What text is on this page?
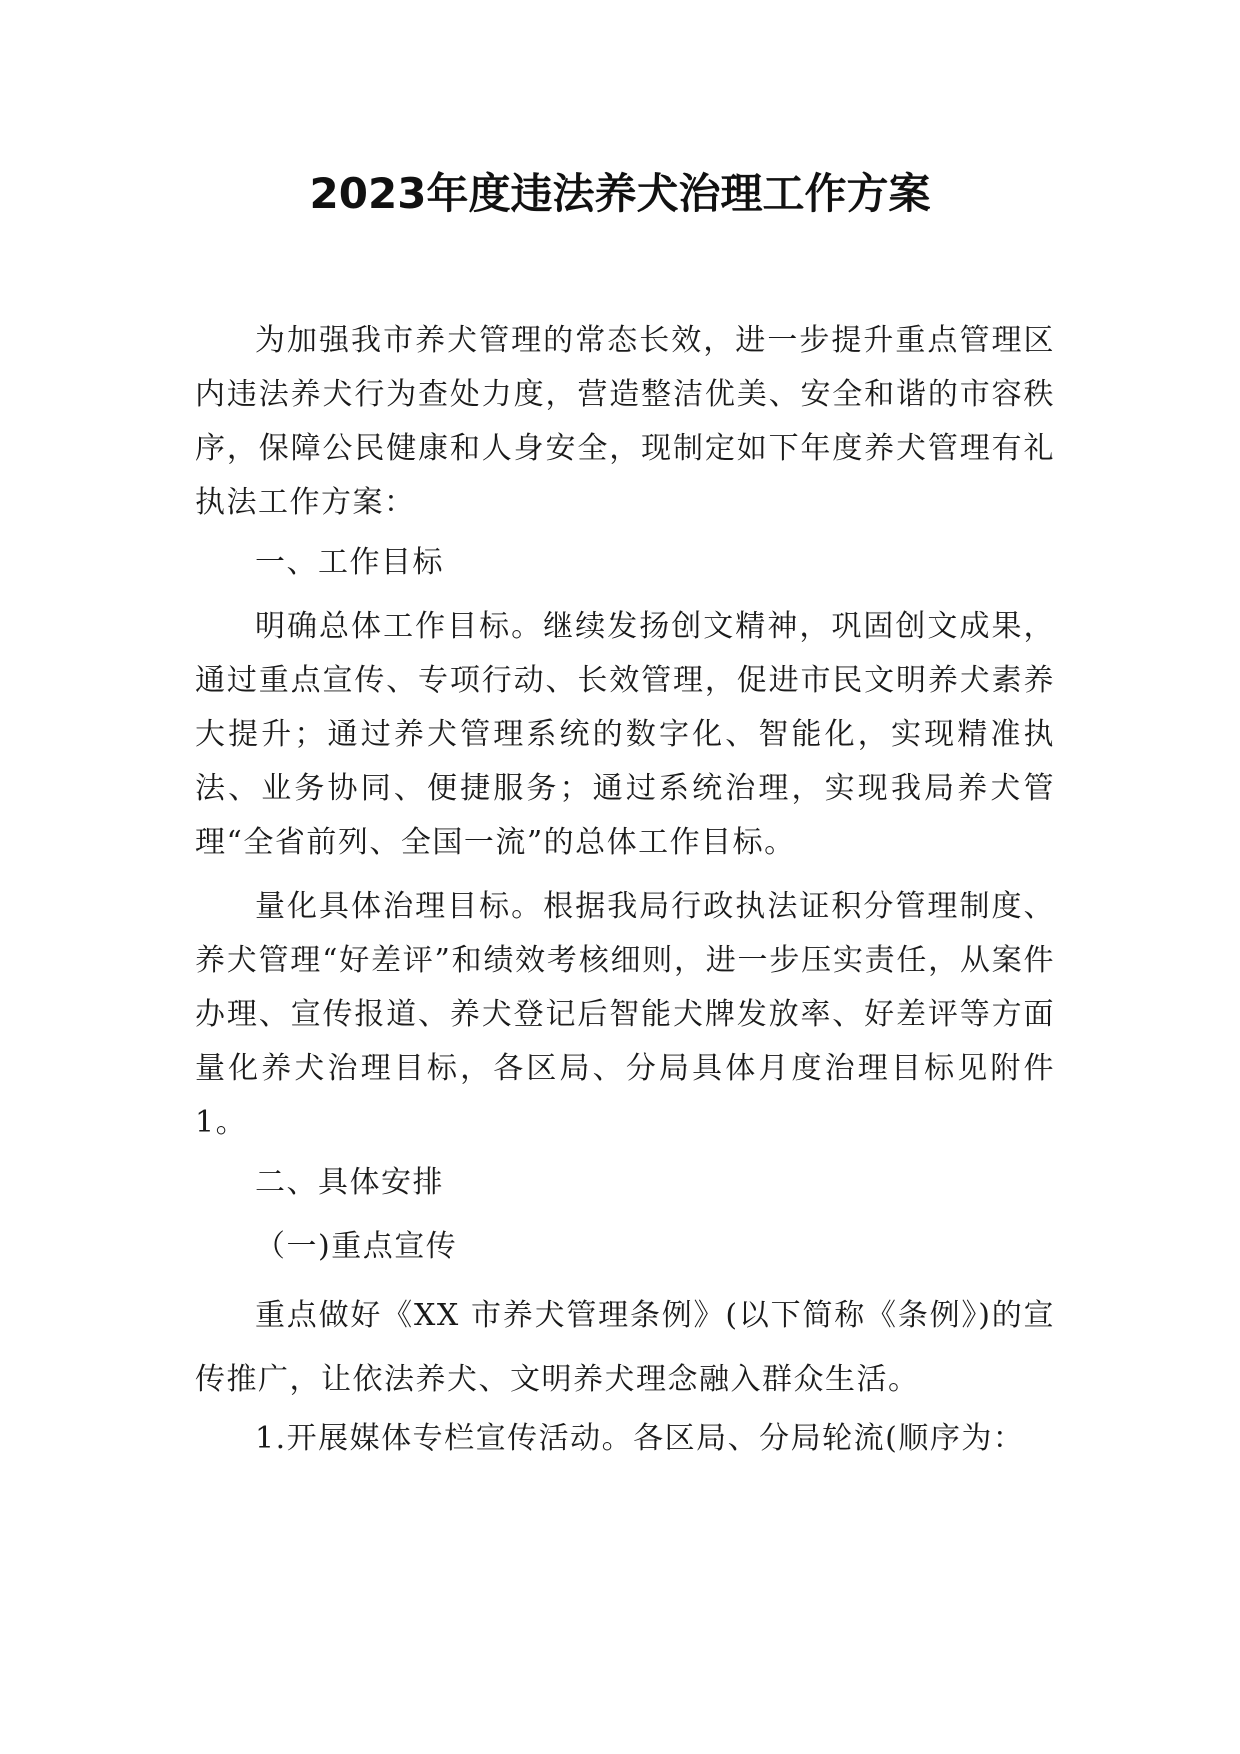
2023年度违法养犬治理工作方案

为加强我市养犬管理的常态长效，进一步提升重点管理区内违法养犬行为查处力度，营造整洁优美、安全和谐的市容秩序，保障公民健康和人身安全，现制定如下年度养犬管理有礼执法工作方案：

一、工作目标

明确总体工作目标。继续发扬创文精神，巩固创文成果，通过重点宣传、专项行动、长效管理，促进市民文明养犬素养大提升；通过养犬管理系统的数字化、智能化，实现精准执法、业务协同、便捷服务；通过系统治理，实现我局养犬管理“全省前列、全国一流”的总体工作目标。

量化具体治理目标。根据我局行政执法证积分管理制度、养犬管理“好差评”和绩效考核细则，进一步压实责任，从案件办理、宣传报道、养犬登记后智能犬牌发放率、好差评等方面量化养犬治理目标，各区局、分局具体月度治理目标见附件1。

二、具体安排

（一)重点宣传

重点做好《XX 市养犬管理条例》(以下简称《条例》)的宣传推广，让依法养犬、文明养犬理念融入群众生活。

1.开展媒体专栏宣传活动。各区局、分局轮流(顺序为：
